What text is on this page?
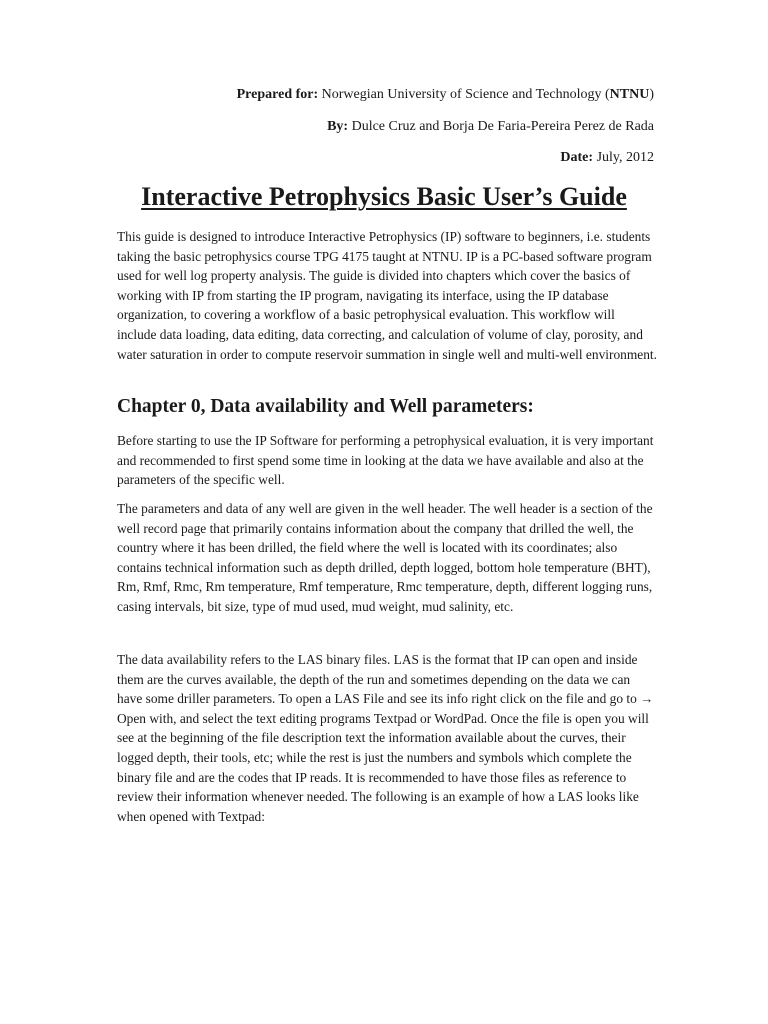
Prepared for: Norwegian University of Science and Technology (NTNU)
By: Dulce Cruz and Borja De Faria-Pereira Perez de Rada
Date: July, 2012
Interactive Petrophysics Basic User’s Guide

This guide is designed to introduce Interactive Petrophysics (IP) software to beginners, i.e. students taking the basic petrophysics course TPG 4175 taught at NTNU. IP is a PC-based software program used for well log property analysis. The guide is divided into chapters which cover the basics of working with IP from starting the IP program, navigating its interface, using the IP database organization, to covering a workflow of a basic petrophysical evaluation. This workflow will include data loading, data editing, data correcting, and calculation of volume of clay, porosity, and water saturation in order to compute reservoir summation in single well and multi-well environment.

Chapter 0, Data availability and Well parameters:

Before starting to use the IP Software for performing a petrophysical evaluation, it is very important and recommended to first spend some time in looking at the data we have available and also at the parameters of the specific well.

The parameters and data of any well are given in the well header. The well header is a section of the well record page that primarily contains information about the company that drilled the well, the country where it has been drilled, the field where the well is located with its coordinates; also contains technical information such as depth drilled, depth logged, bottom hole temperature (BHT), Rm, Rmf, Rmc, Rm temperature, Rmf temperature, Rmc temperature, depth, different logging runs, casing intervals, bit size, type of mud used, mud weight, mud salinity, etc.

The data availability refers to the LAS binary files. LAS is the format that IP can open and inside them are the curves available, the depth of the run and sometimes depending on the data we can have some driller parameters. To open a LAS File and see its info right click on the file and go to → Open with, and select the text editing programs Textpad or WordPad. Once the file is open you will see at the beginning of the file description text the information available about the curves, their logged depth, their tools, etc; while the rest is just the numbers and symbols which complete the binary file and are the codes that IP reads. It is recommended to have those files as reference to review their information whenever needed. The following is an example of how a LAS looks like when opened with Textpad:
